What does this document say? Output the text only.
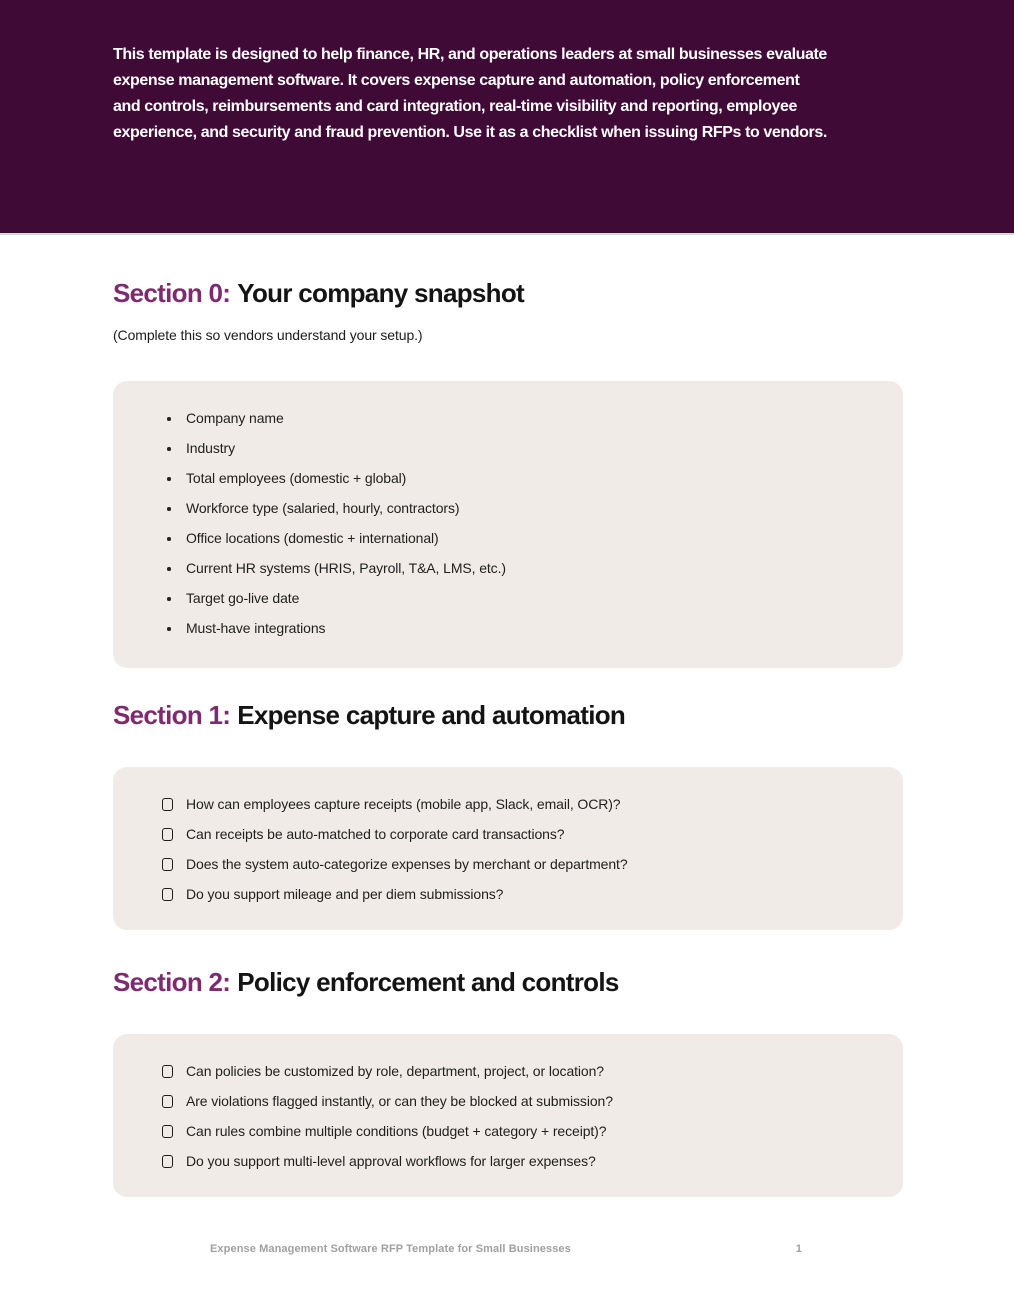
This template is designed to help finance, HR, and operations leaders at small businesses evaluate

expense management software. It covers expense capture and automation, policy enforcement

and controls, reimbursements and card integration, real-time visibility and reporting, employee

experience, and security and fraud prevention. Use it as a checklist when issuing RFPs to vendors.

Section 0: Your company snapshot

(Complete this so vendors understand your setup.)

Company name
Industry
Total employees (domestic + global)
Workforce type (salaried, hourly, contractors)
Office locations (domestic + international)
Current HR systems (HRIS, Payroll, T&A, LMS, etc.)
Target go-live date
Must-have integrations
Section 1: Expense capture and automation
How can employees capture receipts (mobile app, Slack, email, OCR)?
Can receipts be auto-matched to corporate card transactions?
Does the system auto-categorize expenses by merchant or department?
Do you support mileage and per diem submissions?
Section 2: Policy enforcement and controls
Can policies be customized by role, department, project, or location?
Are violations flagged instantly, or can they be blocked at submission?
Can rules combine multiple conditions (budget + category + receipt)?
Do you support multi-level approval workflows for larger expenses?
Expense Management Software RFP Template for Small Businesses	1
